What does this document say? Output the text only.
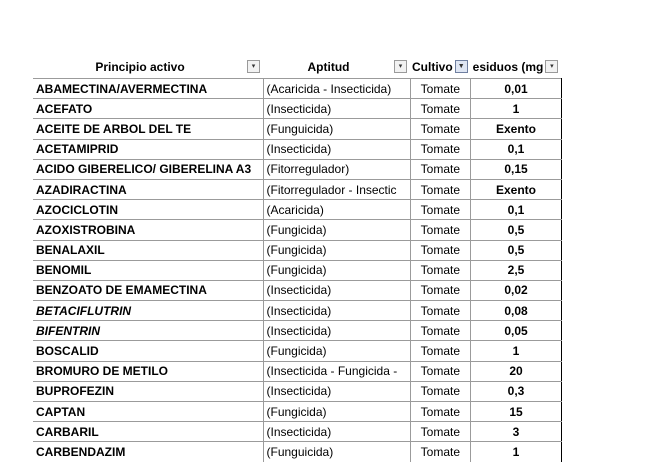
Principio activo ▾	Aptitud ▾	Cultivo ▼	esiduos (mg ▾

ABAMECTINA/AVERMECTINA	(Acaricida - Insecticida)	Tomate	0,01
ACEFATO	(Insecticida)	Tomate	1
ACEITE DE ARBOL DEL TE	(Funguicida)	Tomate	Exento
ACETAMIPRID	(Insecticida)	Tomate	0,1
ACIDO GIBERELICO/ GIBERELINA A3	(Fitorregulador)	Tomate	0,15
AZADIRACTINA	(Fitorregulador - Insectic	Tomate	Exento
AZOCICLOTIN	(Acaricida)	Tomate	0,1
AZOXISTROBINA	(Fungicida)	Tomate	0,5
BENALAXIL	(Fungicida)	Tomate	0,5
BENOMIL	(Fungicida)	Tomate	2,5
BENZOATO DE EMAMECTINA	(Insecticida)	Tomate	0,02
BETACIFLUTRIN	(Insecticida)	Tomate	0,08
BIFENTRIN	(Insecticida)	Tomate	0,05
BOSCALID	(Fungicida)	Tomate	1
BROMURO DE METILO	(Insecticida - Fungicida -	Tomate	20
BUPROFEZIN	(Insecticida)	Tomate	0,3
CAPTAN	(Fungicida)	Tomate	15
CARBARIL	(Insecticida)	Tomate	3
CARBENDAZIM	(Funguicida)	Tomate	1
